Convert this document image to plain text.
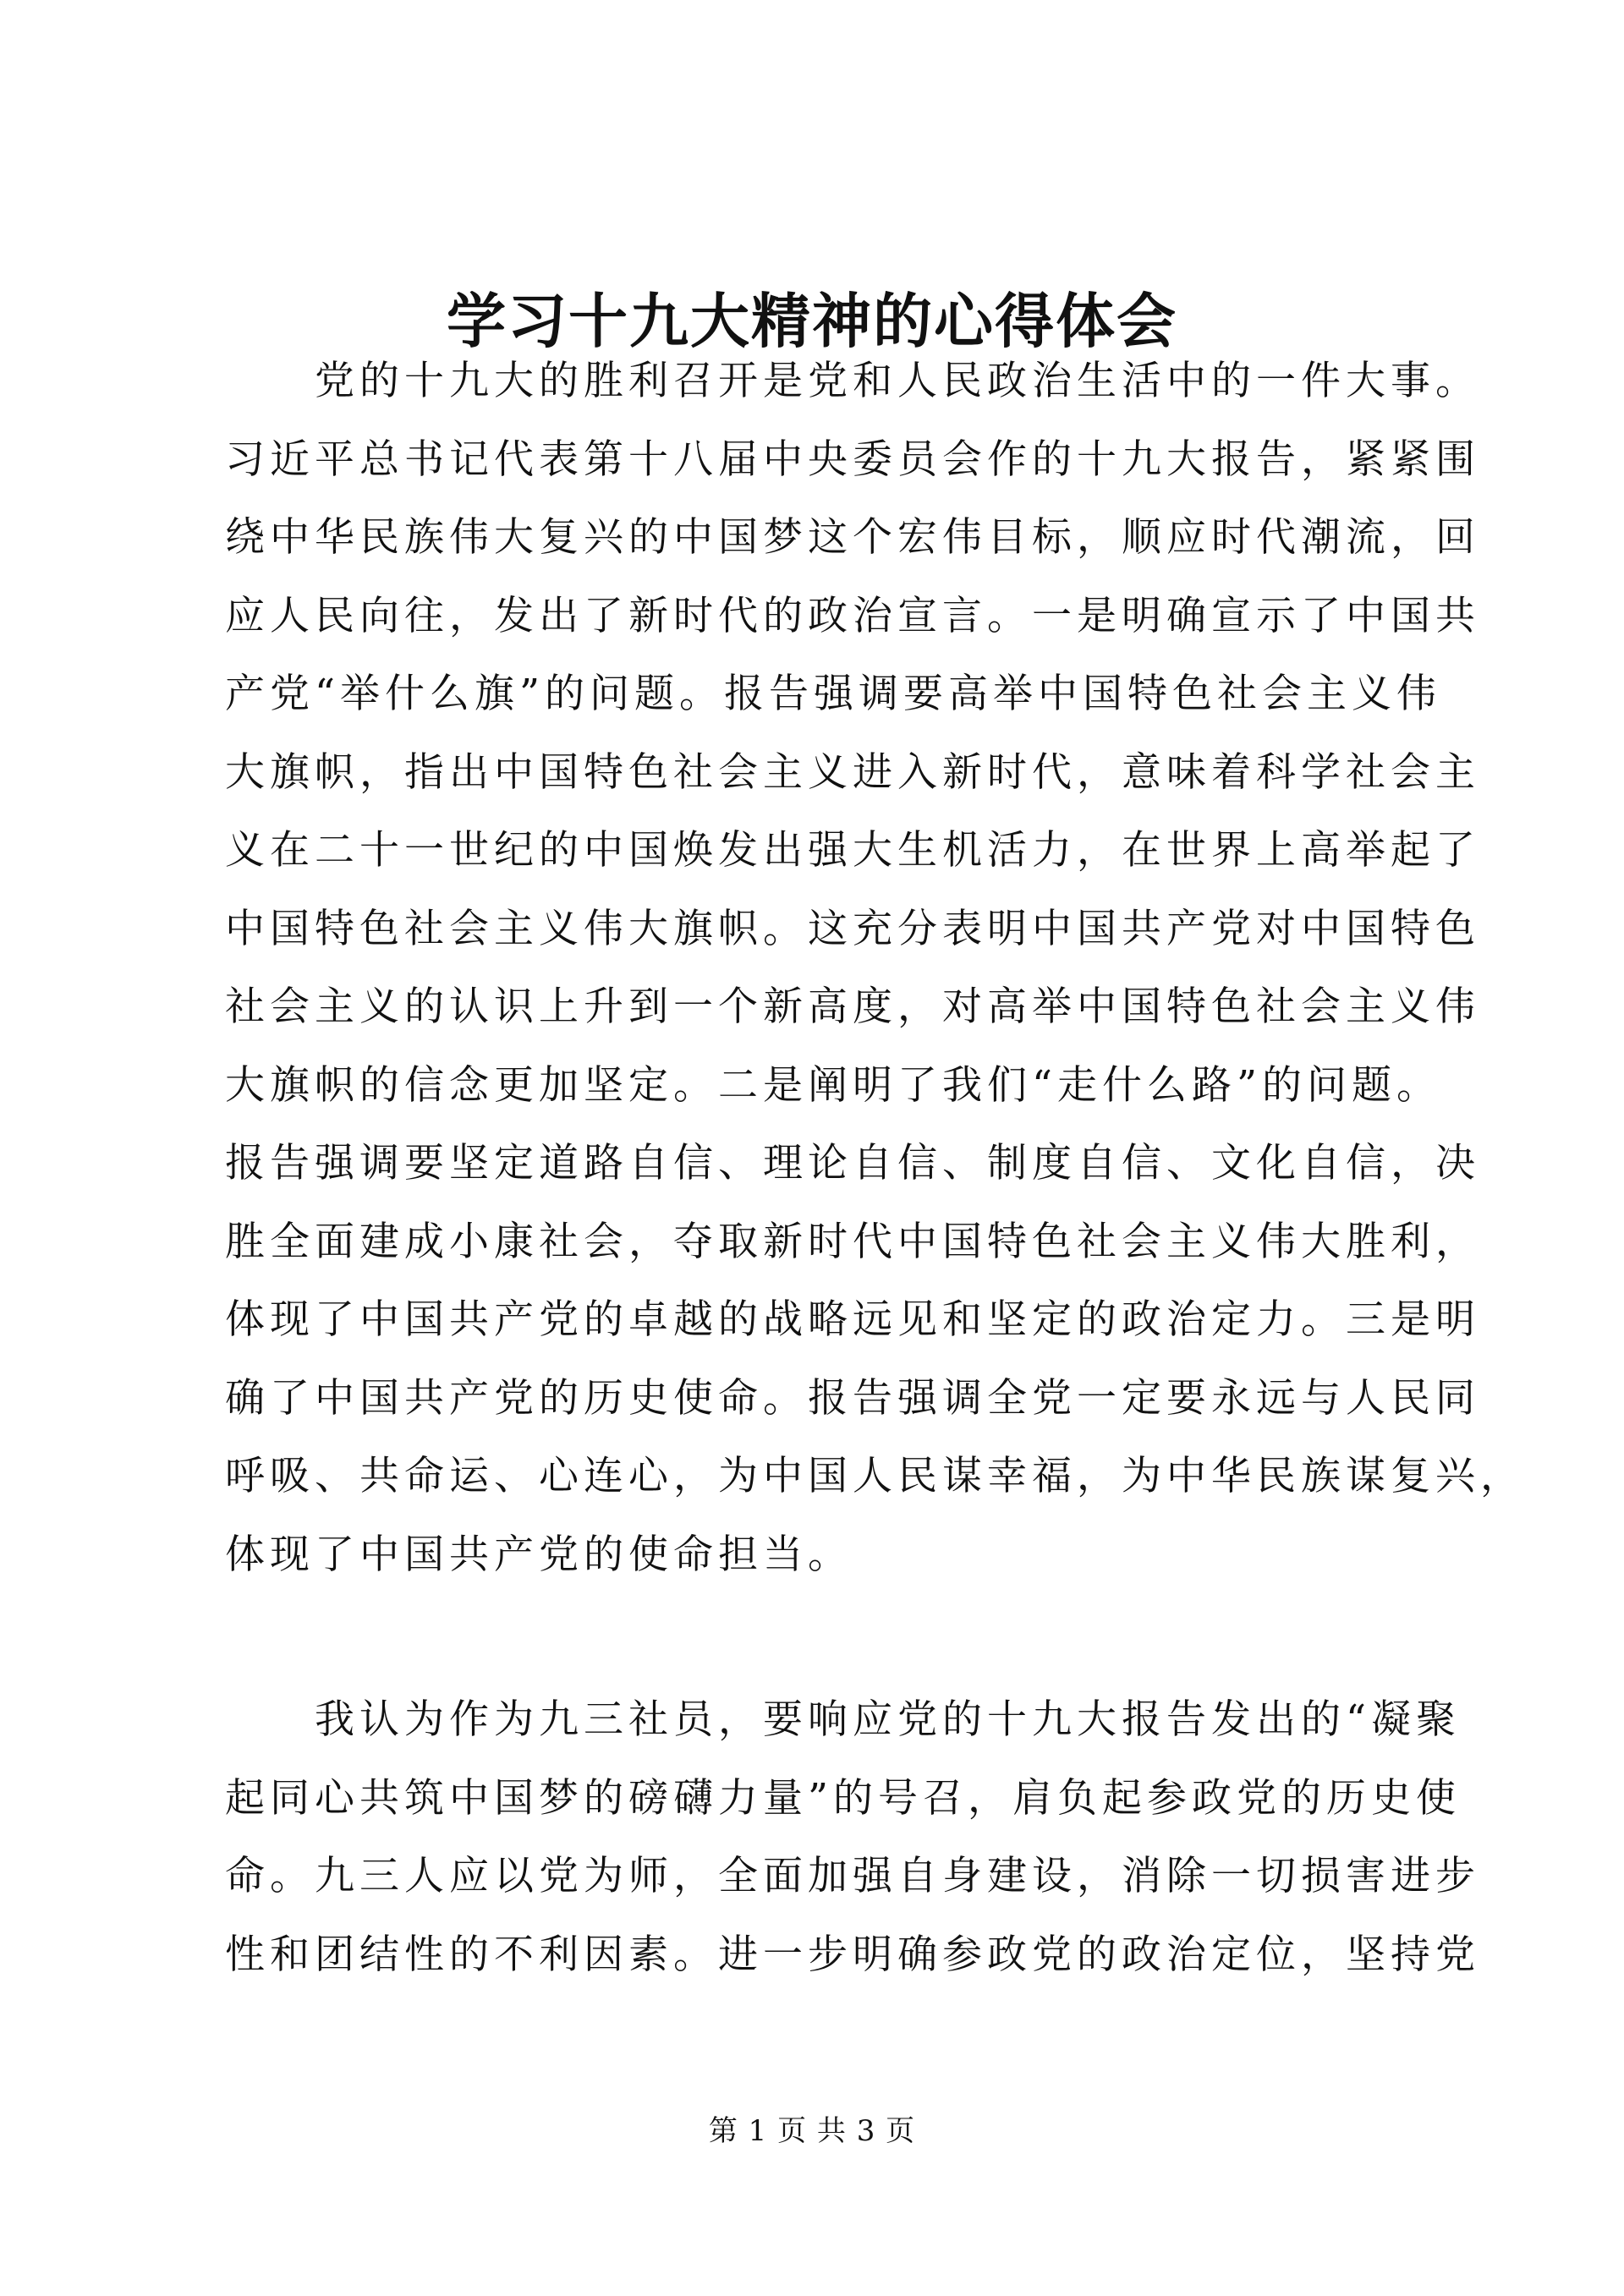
学习十九大精神的心得体会
　　党的十九大的胜利召开是党和人民政治生活中的一件大事。
习近平总书记代表第十八届中央委员会作的十九大报告，紧紧围
绕中华民族伟大复兴的中国梦这个宏伟目标，顺应时代潮流，回
应人民向往，发出了新时代的政治宣言。一是明确宣示了中国共
产党“举什么旗”的问题。报告强调要高举中国特色社会主义伟
大旗帜，指出中国特色社会主义进入新时代，意味着科学社会主
义在二十一世纪的中国焕发出强大生机活力，在世界上高举起了
中国特色社会主义伟大旗帜。这充分表明中国共产党对中国特色
社会主义的认识上升到一个新高度，对高举中国特色社会主义伟
大旗帜的信念更加坚定。二是阐明了我们“走什么路”的问题。
报告强调要坚定道路自信、理论自信、制度自信、文化自信，决
胜全面建成小康社会，夺取新时代中国特色社会主义伟大胜利，
体现了中国共产党的卓越的战略远见和坚定的政治定力。三是明
确了中国共产党的历史使命。报告强调全党一定要永远与人民同
呼吸、共命运、心连心，为中国人民谋幸福，为中华民族谋复兴，
体现了中国共产党的使命担当。
　　我认为作为九三社员，要响应党的十九大报告发出的“凝聚
起同心共筑中国梦的磅礴力量”的号召，肩负起参政党的历史使
命。九三人应以党为师，全面加强自身建设，消除一切损害进步
性和团结性的不利因素。进一步明确参政党的政治定位，坚持党
第 1 页 共 3 页
